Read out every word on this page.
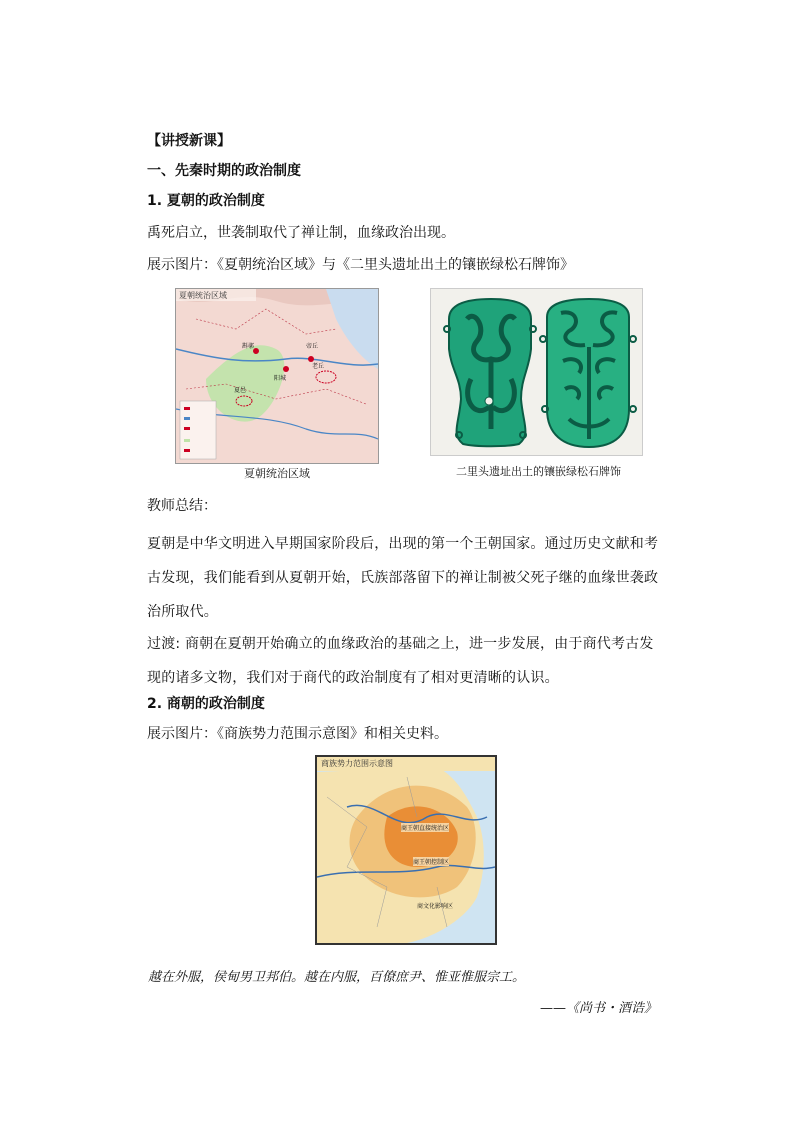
【讲授新课】
一、先秦时期的政治制度
1. 夏朝的政治制度
禹死启立，世袭制取代了禅让制，血缘政治出现。
展示图片：《夏朝统治区域》与《二里头遗址出土的镶嵌绿松石牌饰》
夏朝统治区域
斟鄩
阳城
老丘
帝丘
夏邑
夏朝统治区域	二里头遗址出土的镶嵌绿松石牌饰
教师总结：
夏朝是中华文明进入早期国家阶段后，出现的第一个王朝国家。通过历史文献和考古发现，我们能看到从夏朝开始，氏族部落留下的禅让制被父死子继的血缘世袭政治所取代。
过渡: 商朝在夏朝开始确立的血缘政治的基础之上，进一步发展，由于商代考古发现的诸多文物，我们对于商代的政治制度有了相对更清晰的认识。
2. 商朝的政治制度
展示图片：《商族势力范围示意图》和相关史料。
商族势力范围示意图
商王朝直接统治区
商王朝控制区
商文化影响区
越在外服，侯甸男卫邦伯。越在内服，百僚庶尹、惟亚惟服宗工。
——《尚书・酒诰》
